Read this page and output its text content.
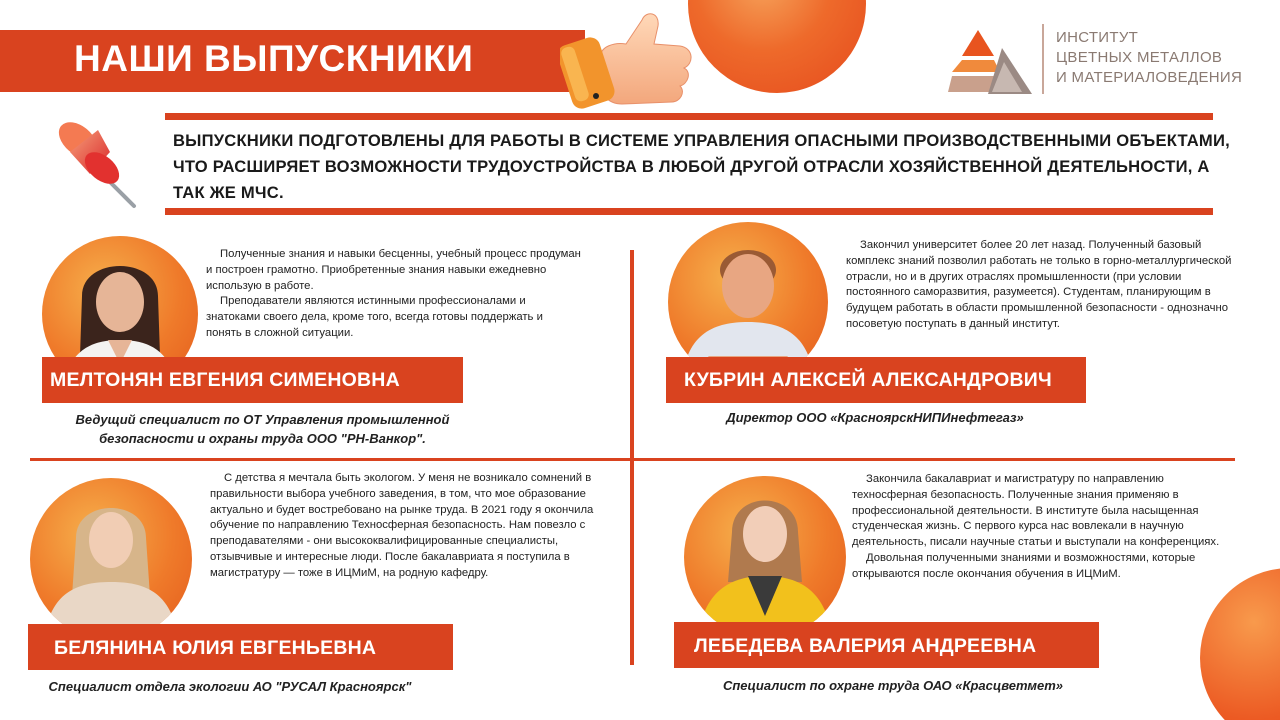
НАШИ ВЫПУСКНИКИ
ИНСТИТУТ
ЦВЕТНЫХ МЕТАЛЛОВ
И МАТЕРИАЛОВЕДЕНИЯ
ВЫПУСКНИКИ ПОДГОТОВЛЕНЫ ДЛЯ РАБОТЫ В СИСТЕМЕ УПРАВЛЕНИЯ ОПАСНЫМИ ПРОИЗВОДСТВЕННЫМИ ОБЪЕКТАМИ, ЧТО РАСШИРЯЕТ ВОЗМОЖНОСТИ ТРУДОУСТРОЙСТВА В ЛЮБОЙ ДРУГОЙ ОТРАСЛИ ХОЗЯЙСТВЕННОЙ ДЕЯТЕЛЬНОСТИ, А ТАК ЖЕ МЧС.

Полученные знания и навыки бесценны, учебный процесс продуман и построен грамотно. Приобретенные знания навыки ежедневно использую в работе.

Преподаватели являются истинными профессионалами и знатоками своего дела, кроме того, всегда готовы поддержать и понять в сложной ситуации.

МЕЛТОНЯН ЕВГЕНИЯ СИМЕНОВНА
Ведущий специалист по ОТ Управления промышленной безопасности и охраны труда ООО "РН-Ванкор".

Закончил университет более 20 лет назад. Полученный базовый комплекс знаний позволил работать не только в горно-металлургической отрасли, но и в других отраслях промышленности (при условии постоянного саморазвития, разумеется). Студентам, планирующим в будущем работать в области промышленной безопасности - однозначно посоветую поступать в данный институт.

КУБРИН АЛЕКСЕЙ АЛЕКСАНДРОВИЧ
Директор ООО «КрасноярскНИПИнефтегаз»

С детства я мечтала быть экологом. У меня не возникало сомнений в правильности выбора учебного заведения, в том, что мое образование актуально и будет востребовано на рынке труда. В 2021 году я окончила обучение по направлению Техносферная безопасность. Нам повезло с преподавателями - они высококвалифицированные специалисты, отзывчивые и интересные люди. После бакалавриата я поступила в магистратуру — тоже в ИЦМиМ, на родную кафедру.

БЕЛЯНИНА ЮЛИЯ ЕВГЕНЬЕВНА
Специалист отдела экологии АО "РУСАЛ Красноярск"

Закончила бакалавриат и магистратуру по направлению техносферная безопасность. Полученные знания применяю в профессиональной деятельности. В институте была насыщенная студенческая жизнь. С первого курса нас вовлекали в научную деятельность, писали научные статьи и выступали на конференциях.

Довольная полученными знаниями и возможностями, которые открываются после окончания обучения в ИЦМиМ.

ЛЕБЕДЕВА ВАЛЕРИЯ АНДРЕЕВНА
Специалист по охране труда ОАО «Красцветмет»
